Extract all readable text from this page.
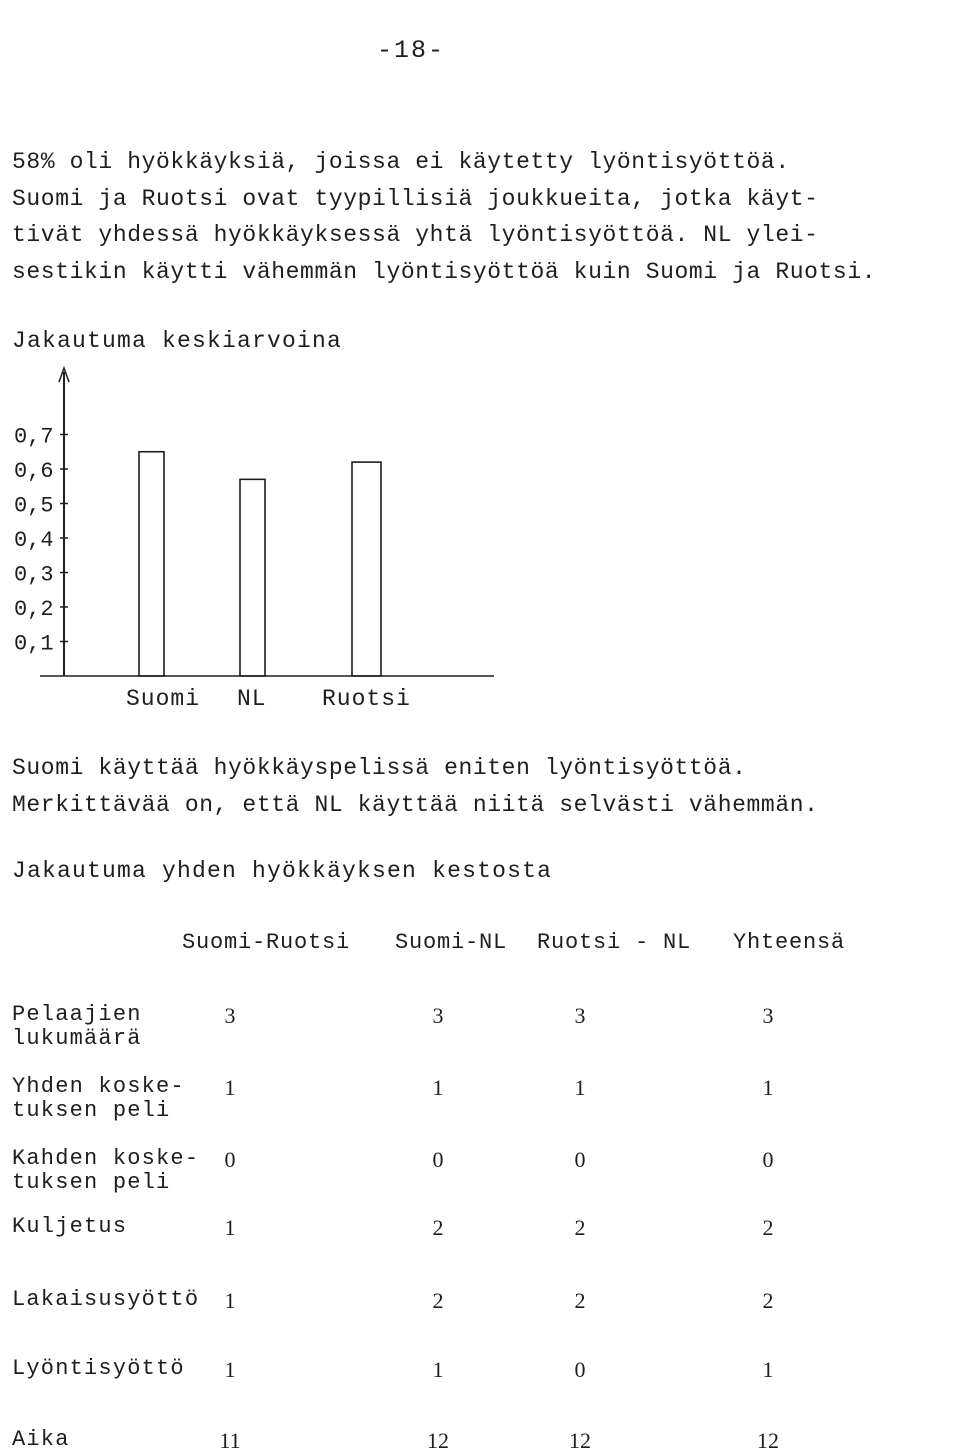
-18-

58% oli hyökkäyksiä, joissa ei käytetty lyöntisyöttöä.

Suomi ja Ruotsi ovat tyypillisiä joukkueita, jotka käyt-

tivät yhdessä hyökkäyksessä yhtä lyöntisyöttöä. NL ylei-

sestikin käytti vähemmän lyöntisyöttöä kuin Suomi ja Ruotsi.

Jakautuma keskiarvoina
0,1
0,2
0,3
0,4
0,5
0,6
0,7
Suomi NL Ruotsi

Suomi käyttää hyökkäyspelissä eniten lyöntisyöttöä.

Merkittävää on, että NL käyttää niitä selvästi vähemmän.

Jakautuma yhden hyökkäyksen kestosta
Suomi-Ruotsi Suomi-NL Ruotsi - NL Yhteensä
Pelaajien
lukumäärä
3	3	3	3
Yhden koske-
tuksen peli
1	1	1	1
Kahden koske-
tuksen peli
0	0	0	0
Kuljetus	1	2	2	2
Lakaisusyöttö	1	2	2	2
Lyöntisyöttö	1	1	0	1
Aika	11	12	12	12
